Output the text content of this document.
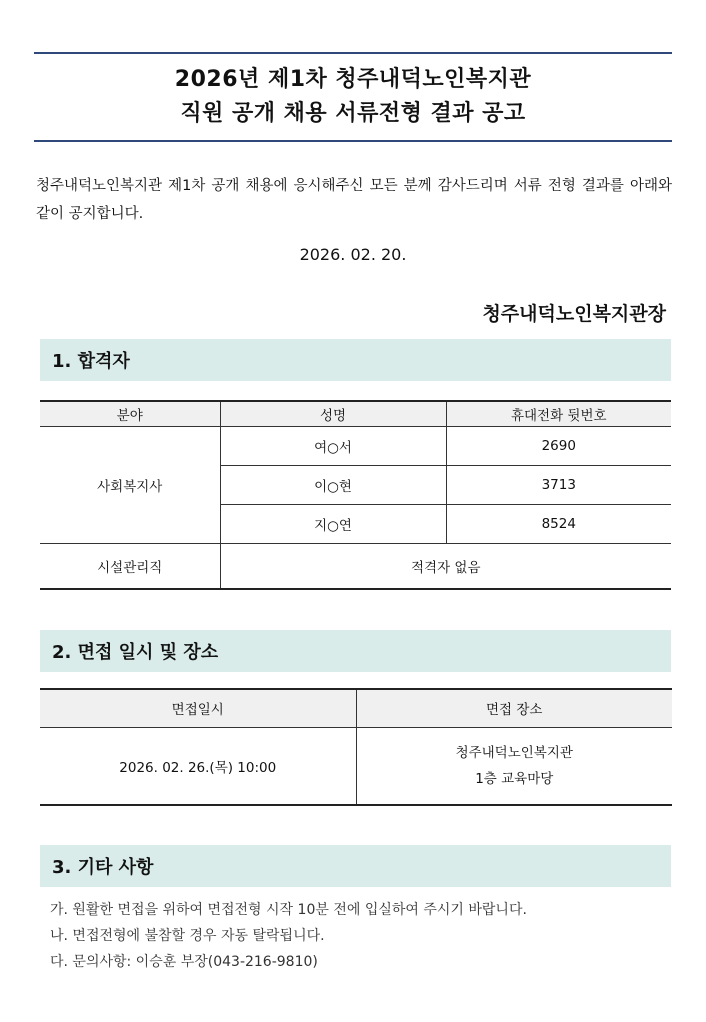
2026년 제1차 청주내덕노인복지관
직원 공개 채용 서류전형 결과 공고
청주내덕노인복지관 제1차 공개 채용에 응시해주신 모든 분께 감사드리며 서류 전형 결과를 아래와 같이 공지합니다.
2026. 02. 20.
청주내덕노인복지관장
1. 합격자
분야	성명	휴대전화 뒷번호
사회복지사	여○서	2690
	이○현	3713
	지○연	8524
시설관리직	적격자 없음	
2. 면접 일시 및 장소
면접일시	면접 장소
2026. 02. 26.(목) 10:00	청주내덕노인복지관
1층 교육마당
3. 기타 사항
가. 원활한 면접을 위하여 면접전형 시작 10분 전에 입실하여 주시기 바랍니다.
나. 면접전형에 불참할 경우 자동 탈락됩니다.
다. 문의사항: 이승훈 부장(043-216-9810)
